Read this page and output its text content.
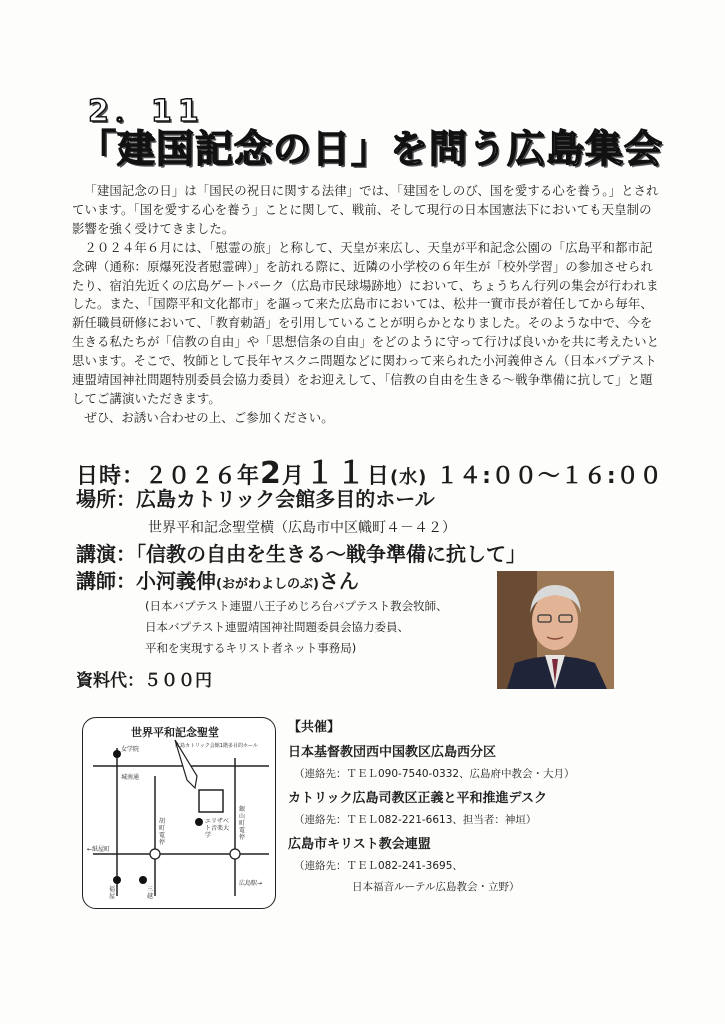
2．11
「建国記念の日」を問う広島集会

「建国記念の日」は「国民の祝日に関する法律」では、「建国をしのび、国を愛する心を養う。」とされています。「国を愛する心を養う」ことに関して、戦前、そして現行の日本国憲法下においても天皇制の影響を強く受けてきました。

２０２４年６月には、「慰霊の旅」と称して、天皇が来広し、天皇が平和記念公園の「広島平和都市記念碑（通称：原爆死没者慰霊碑）」を訪れる際に、近隣の小学校の６年生が「校外学習」の参加させられたり、宿泊先近くの広島ゲートパーク（広島市民球場跡地）において、ちょうちん行列の集会が行われました。また、「国際平和文化都市」を謳って来た広島市においては、松井一實市長が着任してから毎年、新任職員研修において、「教育勅語」を引用していることが明らかとなりました。そのような中で、今を生きる私たちが「信教の自由」や「思想信条の自由」をどのように守って行けば良いかを共に考えたいと思います。そこで、牧師として長年ヤスクニ問題などに関わって来られた小河義伸さん（日本バプテスト連盟靖国神社問題特別委員会協力委員）をお迎えして、「信教の自由を生きる～戦争準備に抗して」と題してご講演いただきます。

ぜひ、お誘い合わせの上、ご参加ください。

日時：２０２６年2月１１日(水) １４:００～１６:００
場所：広島カトリック会館多目的ホール
世界平和記念聖堂横（広島市中区幟町４－４２）
講演：「信教の自由を生きる～戦争準備に抗して」
講師：小河義伸(おがわよしのぶ)さん
(日本バプテスト連盟八王子めじろ台バプテスト教会牧師、
日本バプテスト連盟靖国神社問題委員会協力委員、
平和を実現するキリスト者ネット事務局)
資料代：５００円
世界平和記念聖堂
広島カトリック会館1階多目的ホール
女学院
城南通
胡町電停
銀山町電停
エリザベト音楽大学
←紙屋町
福屋
三越
広島駅→
【共催】
日本基督教団西中国教区広島西分区
（連絡先：ＴＥＬ090-7540-0332、広島府中教会・大月）
カトリック広島司教区正義と平和推進デスク
（連絡先：ＴＥＬ082-221-6613、担当者：神垣）
広島市キリスト教会連盟
（連絡先：ＴＥＬ082-241-3695、
日本福音ルーテル広島教会・立野）
